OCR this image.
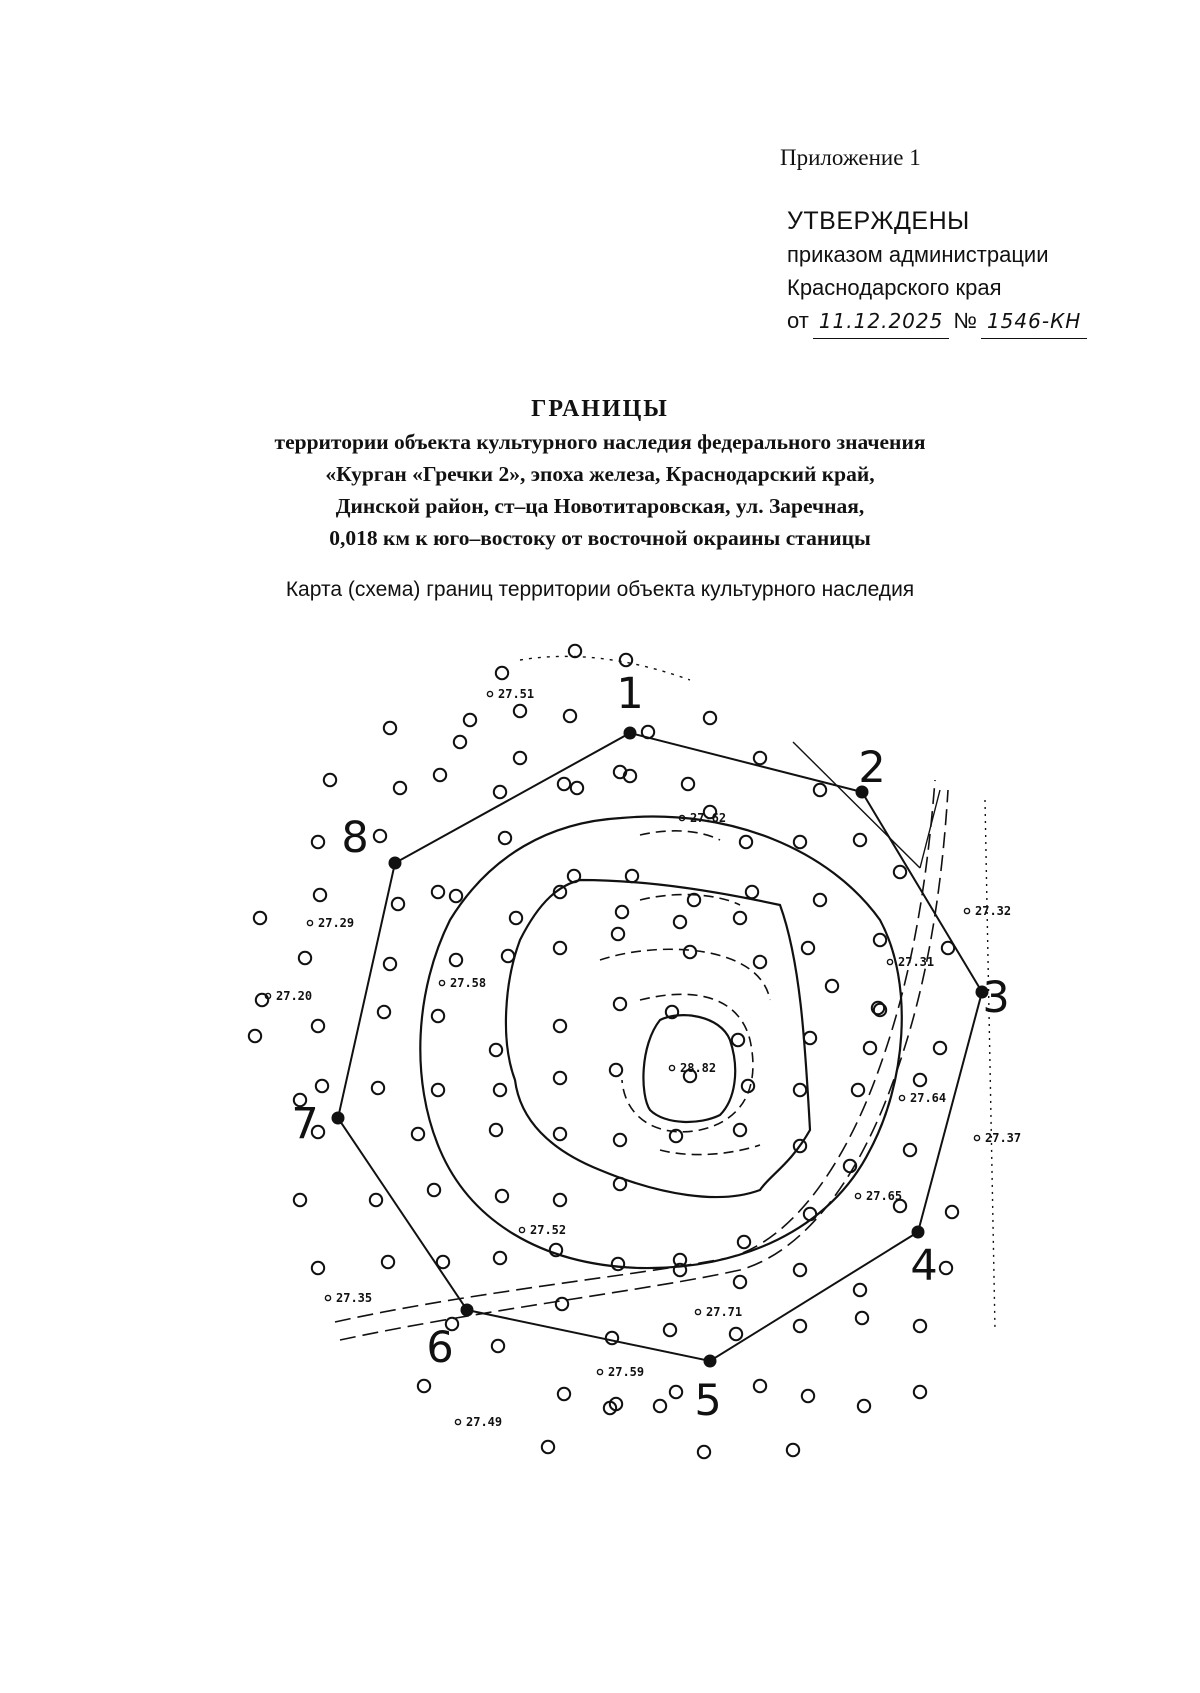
Приложение 1
УТВЕРЖДЕНЫ
приказом администрации
Краснодарского края
от 11.12.2025 № 1546-КН
ГРАНИЦЫ
территории объекта культурного наследия федерального значения
«Курган «Гречки 2», эпоха железа, Краснодарский край,
Динской район, ст–ца Новотитаровская, ул. Заречная,
0,018 км к юго–востоку от восточной окраины станицы
Карта (схема) границ территории объекта культурного наследия
1
2
3
4
5
6
7
8
27.51
27.62
27.32
27.31
27.29
27.58
27.20
28.82
27.64
27.37
27.65
27.52
27.35
27.71
27.59
27.49
